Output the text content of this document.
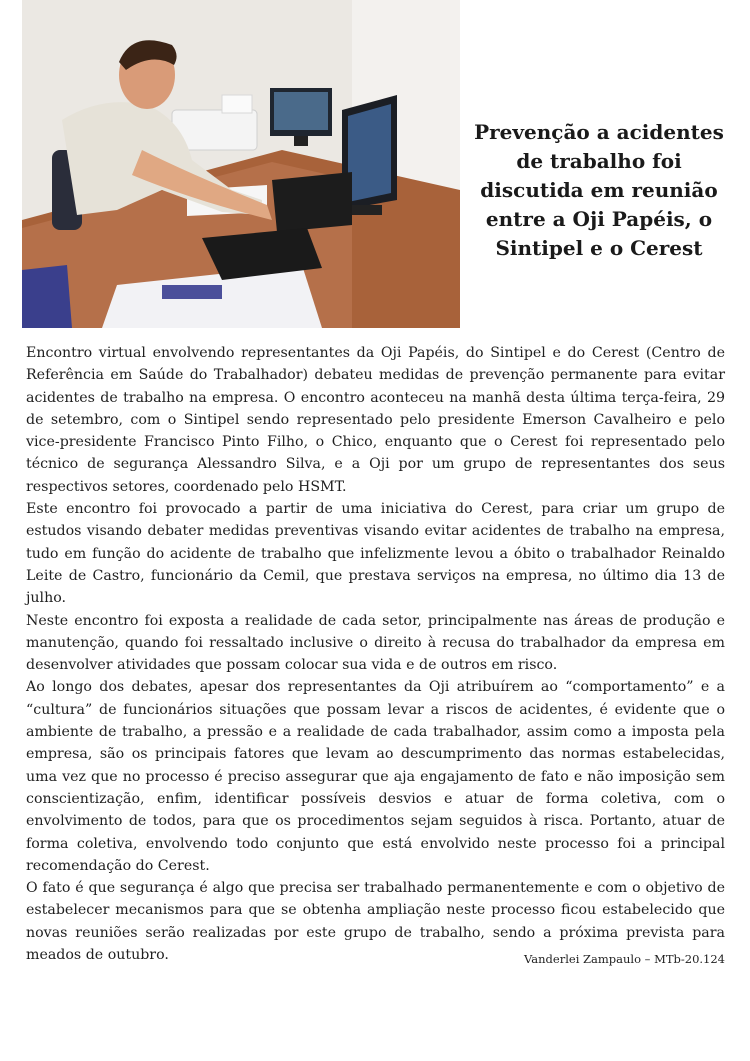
Prevenção a acidentes de trabalho foi discutida em reunião entre a Oji Papéis, o Sintipel e o Cerest

Encontro virtual envolvendo representantes da Oji Papéis, do Sintipel e do Cerest (Centro de Referência em Saúde do Trabalhador) debateu medidas de prevenção permanente para evitar acidentes de trabalho na empresa. O encontro aconteceu na manhã desta última terça-feira, 29 de setembro, com o Sintipel sendo representado pelo presidente Emerson Cavalheiro e pelo vice-presidente Francisco Pinto Filho, o Chico, enquanto que o Cerest foi representado pelo técnico de segurança Alessandro Silva, e a Oji por um grupo de representantes dos seus respectivos setores, coordenado pelo HSMT.

Este encontro foi provocado a partir de uma iniciativa do Cerest, para criar um grupo de estudos visando debater medidas preventivas visando evitar acidentes de trabalho na empresa, tudo em função do acidente de trabalho que infelizmente levou a óbito o trabalhador Reinaldo Leite de Castro, funcionário da Cemil, que prestava serviços na empresa, no último dia 13 de julho.

Neste encontro foi exposta a realidade de cada setor, principalmente nas áreas de produção e manutenção, quando foi ressaltado inclusive o direito à recusa do trabalhador da empresa em desenvolver atividades que possam colocar sua vida e de outros em risco.

Ao longo dos debates, apesar dos representantes da Oji atribuírem ao “comportamento” e a “cultura” de funcionários situações que possam levar a riscos de acidentes, é evidente que o ambiente de trabalho, a pressão e a realidade de cada trabalhador, assim como a imposta pela empresa, são os principais fatores que levam ao descumprimento das normas estabelecidas, uma vez que no processo é preciso assegurar que aja engajamento de fato e não imposição sem conscientização, enfim, identificar possíveis desvios e atuar de forma coletiva, com o envolvimento de todos, para que os procedimentos sejam seguidos à risca. Portanto, atuar de forma coletiva, envolvendo todo conjunto que está envolvido neste processo foi a principal recomendação do Cerest.

O fato é que segurança é algo que precisa ser trabalhado permanentemente e com o objetivo de estabelecer mecanismos para que se obtenha ampliação neste processo ficou estabelecido que novas reuniões serão realizadas por este grupo de trabalho, sendo a próxima prevista para meados de outubro.	Vanderlei Zampaulo – MTb-20.124
